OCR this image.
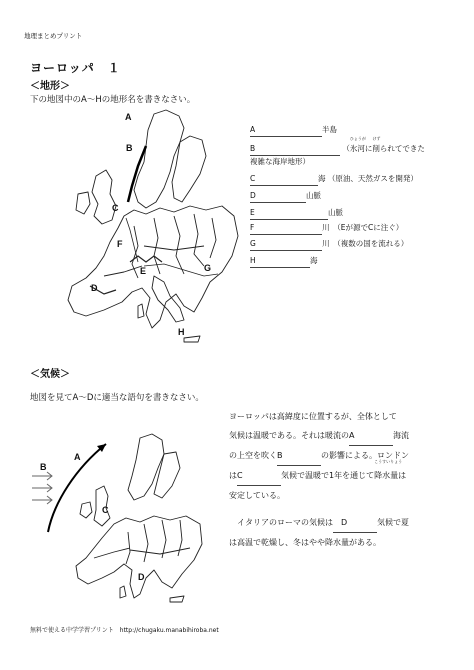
地理まとめプリント
ヨーロッパ　１
＜地形＞
下の地図中のA～Hの地形名を書きなさい。
A
B
C
D
E
F
G
H
A	半島
B	（氷河
ひょうが
に削
けず
られてできた
複雑な海岸地形）
C	海 （原油、天然ガスを開発）
D	山脈
E	山脈
F	川　 （Eが源でCに注ぐ）
G	川　 （複数の国を流れる）
H	海
＜気候＞
地図を見てA～Dに適当な語句を書きなさい。
A
B
C
D
ヨーロッパは高緯度に位置するが、全体として
気候は温暖である。それは暖流のA	海流
の上空を吹くB	の影響による。ロンドン
はC	気候で温暖で1年を通じて降水量
こうすいりょう
は
安定している。
イタリアのローマの気候は D	気候で夏
は高温で乾燥し、冬はやや降水量がある。
無料で使える中学学習プリント　http://chugaku.manabihiroba.net
